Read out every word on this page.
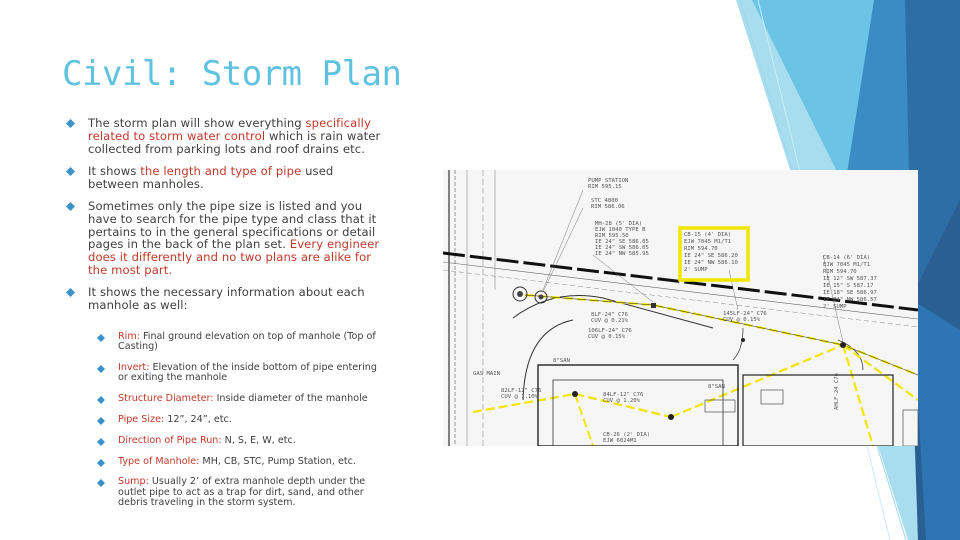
Civil: Storm Plan
The storm plan will show everything specifically related to storm water control which is rain water collected from parking lots and roof drains etc.
It shows the length and type of pipe used between manholes.
Sometimes only the pipe size is listed and you have to search for the pipe type and class that it pertains to in the general specifications or detail pages in the back of the plan set. Every engineer does it differently and no two plans are alike for the most part.
It shows the necessary information about each manhole as well:
Rim: Final ground elevation on top of manhole (Top of Casting)
Invert: Elevation of the inside bottom of pipe entering or exiting the manhole
Structure Diameter: Inside diameter of the manhole
Pipe Size: 12”, 24”, etc.
Direction of Pipe Run: N, S, E, W, etc.
Type of Manhole: MH, CB, STC, Pump Station, etc.
Sump: Usually 2’ of extra manhole depth under the outlet pipe to act as a trap for dirt, sand, and other debris traveling in the storm system.
PUMP STATION
RIM 595.15
STC 4800
RIM 586.06
MH-28 (5' DIA)
EJW 1040 TYPE B
RIM 595.50
IE 24" SE 586.05
IE 24" SW 586.05
IE 24" NW 585.95
CB-15 (4' DIA)
EJW 7045 M1/T1
RIM 594.70
IE 24" SE 586.20
IE 24" NW 586.10
2' SUMP
CB-14 (6' DIA)
EJW 7045 M1/T1
RIM 594.70
IE 12" SW 587.37
IE 15" S 587.17
IE 18" SE 586.97
IE 24" NW 586.57
2' SUMP
145LF-24" C76
CUV @ 0.15%
106LF-24" C76
CUV @ 0.15%
8LF-24" C76
CUV @ 0.21%
82LF-12" C76
CUV @ 1.10%	84LF-12" C76
CUV @ 1.20%
CB-26 (2' DIA)
EJW 6024M1
8"SAN
8"SAN
GAS MAIN	AHLF-24 C76
